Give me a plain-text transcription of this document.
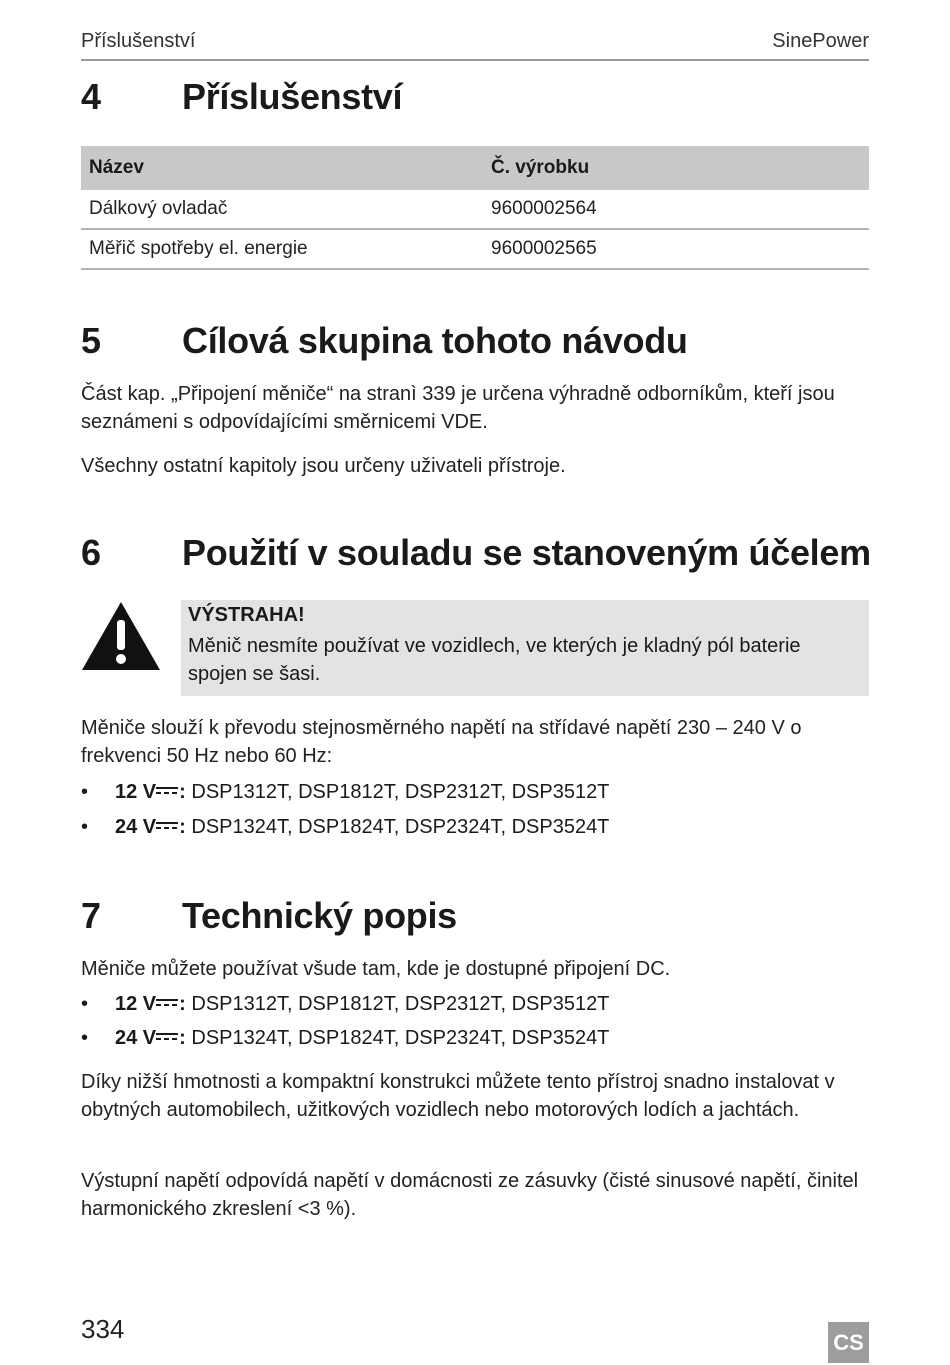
Příslušenství	SinePower
4 Příslušenství
Název	Č. výrobku
Dálkový ovladač	9600002564
Měřič spotřeby el. energie	9600002565
5 Cílová skupina tohoto návodu
Část kap. „Připojení měniče“ na stranì 339 je určena výhradně odborníkům, kteří jsou seznámeni s odpovídajícími směrnicemi VDE.
Všechny ostatní kapitoly jsou určeny uživateli přístroje.
6 Použití v souladu se stanoveným účelem
VÝSTRAHA!
Měnič nesmíte používat ve vozidlech, ve kterých je kladný pól baterie spojen se šasi.
Měniče slouží k převodu stejnosměrného napětí na střídavé napětí 230 – 240 V o frekvenci 50 Hz nebo 60 Hz:
• 12 V : DSP1312T, DSP1812T, DSP2312T, DSP3512T
• 24 V : DSP1324T, DSP1824T, DSP2324T, DSP3524T
7 Technický popis
Měniče můžete používat všude tam, kde je dostupné připojení DC.
• 12 V : DSP1312T, DSP1812T, DSP2312T, DSP3512T
• 24 V : DSP1324T, DSP1824T, DSP2324T, DSP3524T
Díky nižší hmotnosti a kompaktní konstrukci můžete tento přístroj snadno instalovat v obytných automobilech, užitkových vozidlech nebo motorových lodích a jachtách.
Výstupní napětí odpovídá napětí v domácnosti ze zásuvky (čisté sinusové napětí, činitel harmonického zkreslení <3 %).
334	CS
